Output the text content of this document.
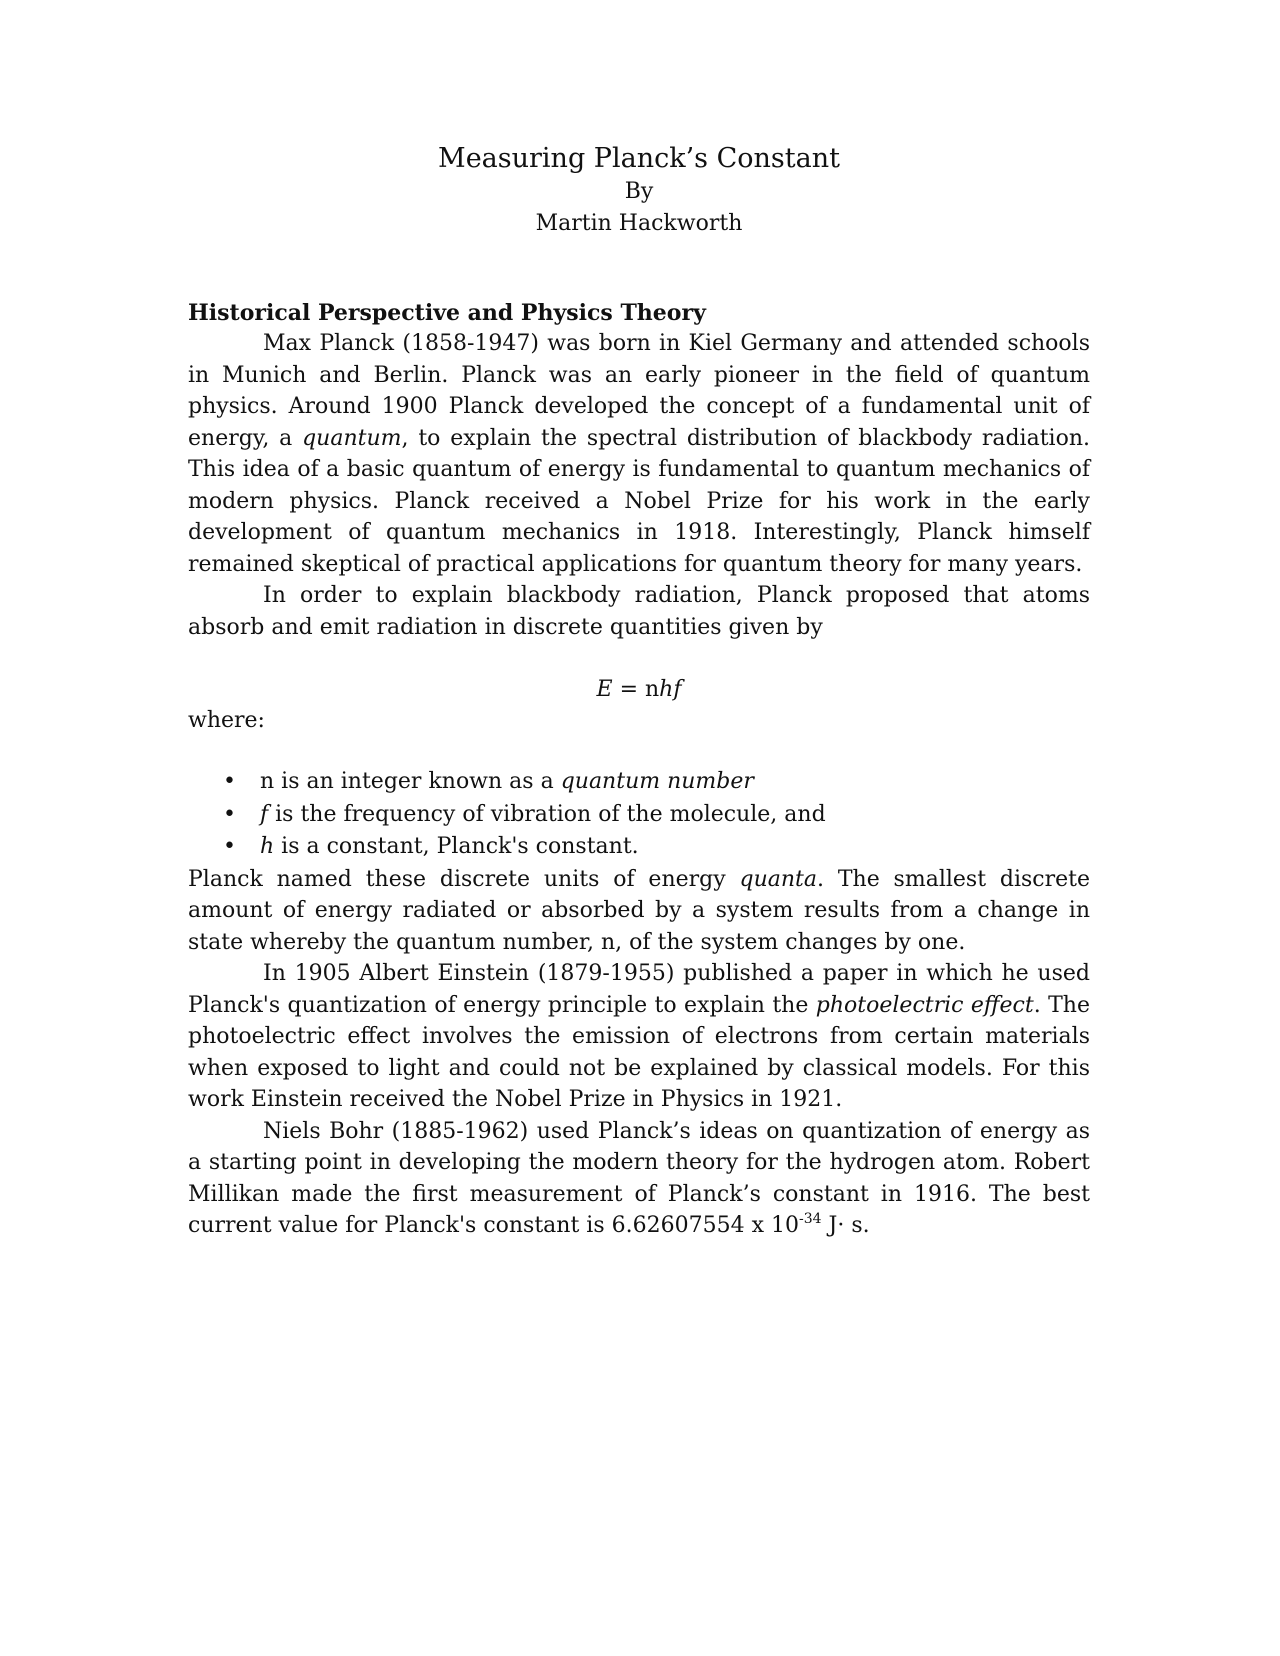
Measuring Planck’s Constant

By

Martin Hackworth

Historical Perspective and Physics Theory

Max Planck (1858-1947) was born in Kiel Germany and attended schools in Munich and Berlin. Planck was an early pioneer in the field of quantum physics. Around 1900 Planck developed the concept of a fundamental unit of energy, a quantum, to explain the spectral distribution of blackbody radiation. This idea of a basic quantum of energy is fundamental to quantum mechanics of modern physics. Planck received a Nobel Prize for his work in the early development of quantum mechanics in 1918. Interestingly, Planck himself remained skeptical of practical applications for quantum theory for many years.

In order to explain blackbody radiation, Planck proposed that atoms absorb and emit radiation in discrete quantities given by

E = nhf

where:

• n is an integer known as a quantum number
• f is the frequency of vibration of the molecule, and
• h is a constant, Planck's constant.

Planck named these discrete units of energy quanta. The smallest discrete amount of energy radiated or absorbed by a system results from a change in state whereby the quantum number, n, of the system changes by one.

In 1905 Albert Einstein (1879-1955) published a paper in which he used Planck's quantization of energy principle to explain the photoelectric effect. The photoelectric effect involves the emission of electrons from certain materials when exposed to light and could not be explained by classical models. For this work Einstein received the Nobel Prize in Physics in 1921.

Niels Bohr (1885-1962) used Planck’s ideas on quantization of energy as a starting point in developing the modern theory for the hydrogen atom. Robert Millikan made the first measurement of Planck’s constant in 1916. The best current value for Planck's constant is 6.62607554 x $10^{-34}$ J· s.
